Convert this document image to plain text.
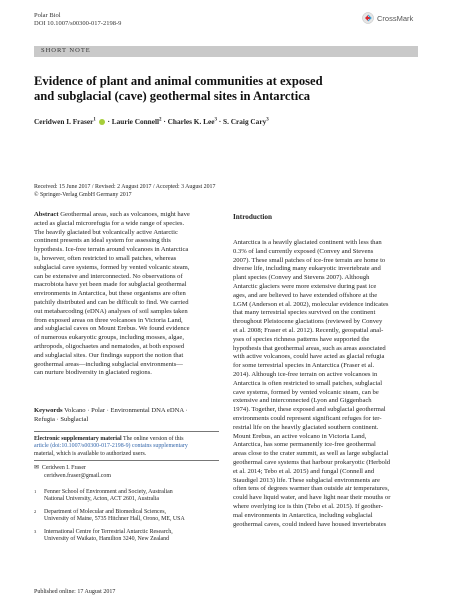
Polar Biol
DOI 10.1007/s00300-017-2198-9
CrossMark
SHORT NOTE
Evidence of plant and animal communities at exposed
and subglacial (cave) geothermal sites in Antarctica
Ceridwen I. Fraser$^1$  · Laurie Connell$^2$ · Charles K. Lee$^3$ · S. Craig Cary$^3$
Received: 15 June 2017 / Revised: 2 August 2017 / Accepted: 3 August 2017
© Springer-Verlag GmbH Germany 2017

Abstract Geothermal areas, such as volcanoes, might have

acted as glacial microrefugia for a wide range of species.

The heavily glaciated but volcanically active Antarctic

continent presents an ideal system for assessing this

hypothesis. Ice-free terrain around volcanoes in Antarctica

is, however, often restricted to small patches, whereas

subglacial cave systems, formed by vented volcanic steam,

can be extensive and interconnected. No observations of

macrobiota have yet been made for subglacial geothermal

environments in Antarctica, but these organisms are often

patchily distributed and can be difficult to find. We carried

out metabarcoding (eDNA) analyses of soil samples taken

from exposed areas on three volcanoes in Victoria Land,

and subglacial caves on Mount Erebus. We found evidence

of numerous eukaryotic groups, including mosses, algae,

arthropods, oligochaetes and nematodes, at both exposed

and subglacial sites. Our findings support the notion that

geothermal areas—including subglacial environments—

can nurture biodiversity in glaciated regions.

Keywords Volcano · Polar · Environmental DNA eDNA ·
Refugia · Subglacial
Electronic supplementary material The online version of this
article (doi:10.1007/s00300-017-2198-9) contains supplementary
material, which is available to authorized users.
✉ Ceridwen I. Fraser
ceridwen.fraser@gmail.com
1 Fenner School of Environment and Society, Australian
National University, Acton, ACT 2601, Australia
2 Department of Molecular and Biomedical Sciences,
University of Maine, 5735 Hitchner Hall, Orono, ME, USA
3 International Centre for Terrestrial Antarctic Research,
University of Waikato, Hamilton 3240, New Zealand
Introduction

Antarctica is a heavily glaciated continent with less than

0.3% of land currently exposed (Convey and Stevens

2007). These small patches of ice-free terrain are home to

diverse life, including many eukaryotic invertebrate and

plant species (Convey and Stevens 2007). Although

Antarctic glaciers were more extensive during past ice

ages, and are believed to have extended offshore at the

LGM (Anderson et al. 2002), molecular evidence indicates

that many terrestrial species survived on the continent

throughout Pleistocene glaciations (reviewed by Convey

et al. 2008; Fraser et al. 2012). Recently, geospatial anal-

yses of species richness patterns have supported the

hypothesis that geothermal areas, such as areas associated

with active volcanoes, could have acted as glacial refugia

for some terrestrial species in Antarctica (Fraser et al.

2014). Although ice-free terrain on active volcanoes in

Antarctica is often restricted to small patches, subglacial

cave systems, formed by vented volcanic steam, can be

extensive and interconnected (Lyon and Giggenbach

1974). Together, these exposed and subglacial geothermal

environments could represent significant refuges for ter-

restrial life on the heavily glaciated southern continent.

Mount Erebus, an active volcano in Victoria Land,

Antarctica, has some permanently ice-free geothermal

areas close to the crater summit, as well as large subglacial

geothermal cave systems that harbour prokaryotic (Herbold

et al. 2014; Tebo et al. 2015) and fungal (Connell and

Staudigel 2013) life. These subglacial environments are

often tens of degrees warmer than outside air temperatures,

could have liquid water, and have light near their mouths or

where overlying ice is thin (Tebo et al. 2015). If geother-

mal environments in Antarctica, including subglacial

geothermal caves, could indeed have housed invertebrates

Published online: 17 August 2017
